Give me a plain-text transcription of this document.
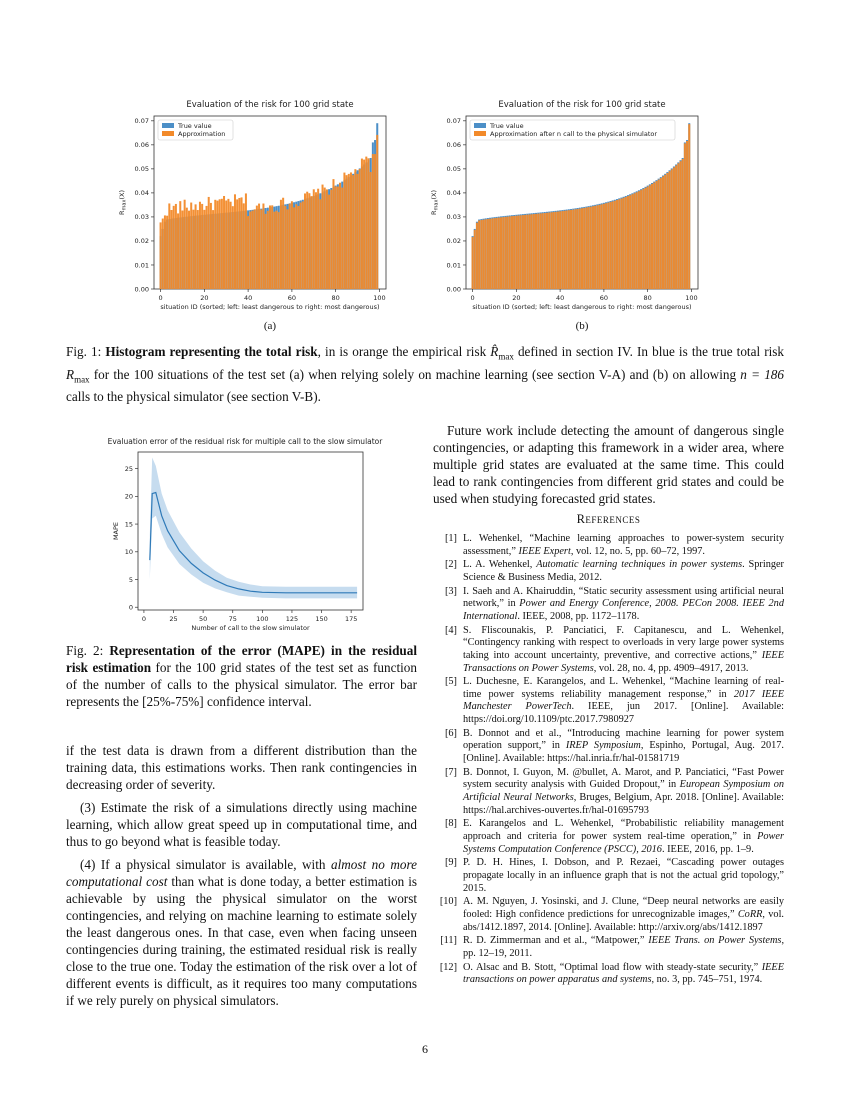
Evaluation of the risk for 100 grid state
0.00
0.01
0.02
0.03
0.04
0.05
0.06
0.07
0	20	40	60	80	100
situation ID (sorted; left: least dangerous to right: most dangerous)
$R_{max}(X)$
True value
Approximation
(a)
Evaluation of the risk for 100 grid state
0.00
0.01
0.02
0.03
0.04
0.05
0.06
0.07
0	20	40	60	80	100
situation ID (sorted; left: least dangerous to right: most dangerous)
$R_{max}(X)$
True value
Approximation after n call to the physical simulator
(b)
Fig. 1: Histogram representing the total risk, in is orange the empirical risk $R̂_{max}$ defined in section IV. In blue is the true total risk $R_{max}$ for the 100 situations of the test set (a) when relying solely on machine learning (see section V-A) and (b) on allowing n = 186 calls to the physical simulator (see section V-B).
Evaluation error of the residual risk for multiple call to the slow simulator
0
5
10
15
20
25
0	25	50	75	100	125	150	175
Number of call to the slow simulator
MAPE
Fig. 2: Representation of the error (MAPE) in the residual risk estimation for the 100 grid states of the test set as function of the number of calls to the physical simulator. The error bar represents the [25%-75%] confidence interval.

if the test data is drawn from a different distribution than the training data, this estimations works. Then rank contingencies in decreasing order of severity.

(3) Estimate the risk of a simulations directly using machine learning, which allow great speed up in computational time, and thus to go beyond what is feasible today.

(4) If a physical simulator is available, with almost no more computational cost than what is done today, a better estimation is achievable by using the physical simulator on the worst contingencies, and relying on machine learning to estimate solely the least dangerous ones. In that case, even when facing unseen contingencies during training, the estimated residual risk is really close to the true one. Today the estimation of the risk over a lot of different events is difficult, as it requires too many computations if we rely purely on physical simulators.

Future work include detecting the amount of dangerous single contingencies, or adapting this framework in a wider area, where multiple grid states are evaluated at the same time. This could lead to rank contingencies from different grid states and could be used when studying forecasted grid states.
References
[1] L. Wehenkel, “Machine learning approaches to power-system security assessment,” IEEE Expert, vol. 12, no. 5, pp. 60–72, 1997.
[2] L. A. Wehenkel, Automatic learning techniques in power systems. Springer Science & Business Media, 2012.
[3] I. Saeh and A. Khairuddin, “Static security assessment using artificial neural network,” in Power and Energy Conference, 2008. PECon 2008. IEEE 2nd International. IEEE, 2008, pp. 1172–1178.
[4] S. Fliscounakis, P. Panciatici, F. Capitanescu, and L. Wehenkel, “Contingency ranking with respect to overloads in very large power systems taking into account uncertainty, preventive, and corrective actions,” IEEE Transactions on Power Systems, vol. 28, no. 4, pp. 4909–4917, 2013.
[5] L. Duchesne, E. Karangelos, and L. Wehenkel, “Machine learning of real-time power systems reliability management response,” in 2017 IEEE Manchester PowerTech. IEEE, jun 2017. [Online]. Available: https://doi.org/10.1109/ptc.2017.7980927
[6] B. Donnot and et al., “Introducing machine learning for power system operation support,” in IREP Symposium, Espinho, Portugal, Aug. 2017. [Online]. Available: https://hal.inria.fr/hal-01581719
[7] B. Donnot, I. Guyon, M. @bullet, A. Marot, and P. Panciatici, “Fast Power system security analysis with Guided Dropout,” in European Symposium on Artificial Neural Networks, Bruges, Belgium, Apr. 2018. [Online]. Available: https://hal.archives-ouvertes.fr/hal-01695793
[8] E. Karangelos and L. Wehenkel, “Probabilistic reliability management approach and criteria for power system real-time operation,” in Power Systems Computation Conference (PSCC), 2016. IEEE, 2016, pp. 1–9.
[9] P. D. H. Hines, I. Dobson, and P. Rezaei, “Cascading power outages propagate locally in an influence graph that is not the actual grid topology,” 2015.
[10] A. M. Nguyen, J. Yosinski, and J. Clune, “Deep neural networks are easily fooled: High confidence predictions for unrecognizable images,” CoRR, vol. abs/1412.1897, 2014. [Online]. Available: http://arxiv.org/abs/1412.1897
[11] R. D. Zimmerman and et al., “Matpower,” IEEE Trans. on Power Systems, pp. 12–19, 2011.
[12] O. Alsac and B. Stott, “Optimal load flow with steady-state security,” IEEE transactions on power apparatus and systems, no. 3, pp. 745–751, 1974.
6
